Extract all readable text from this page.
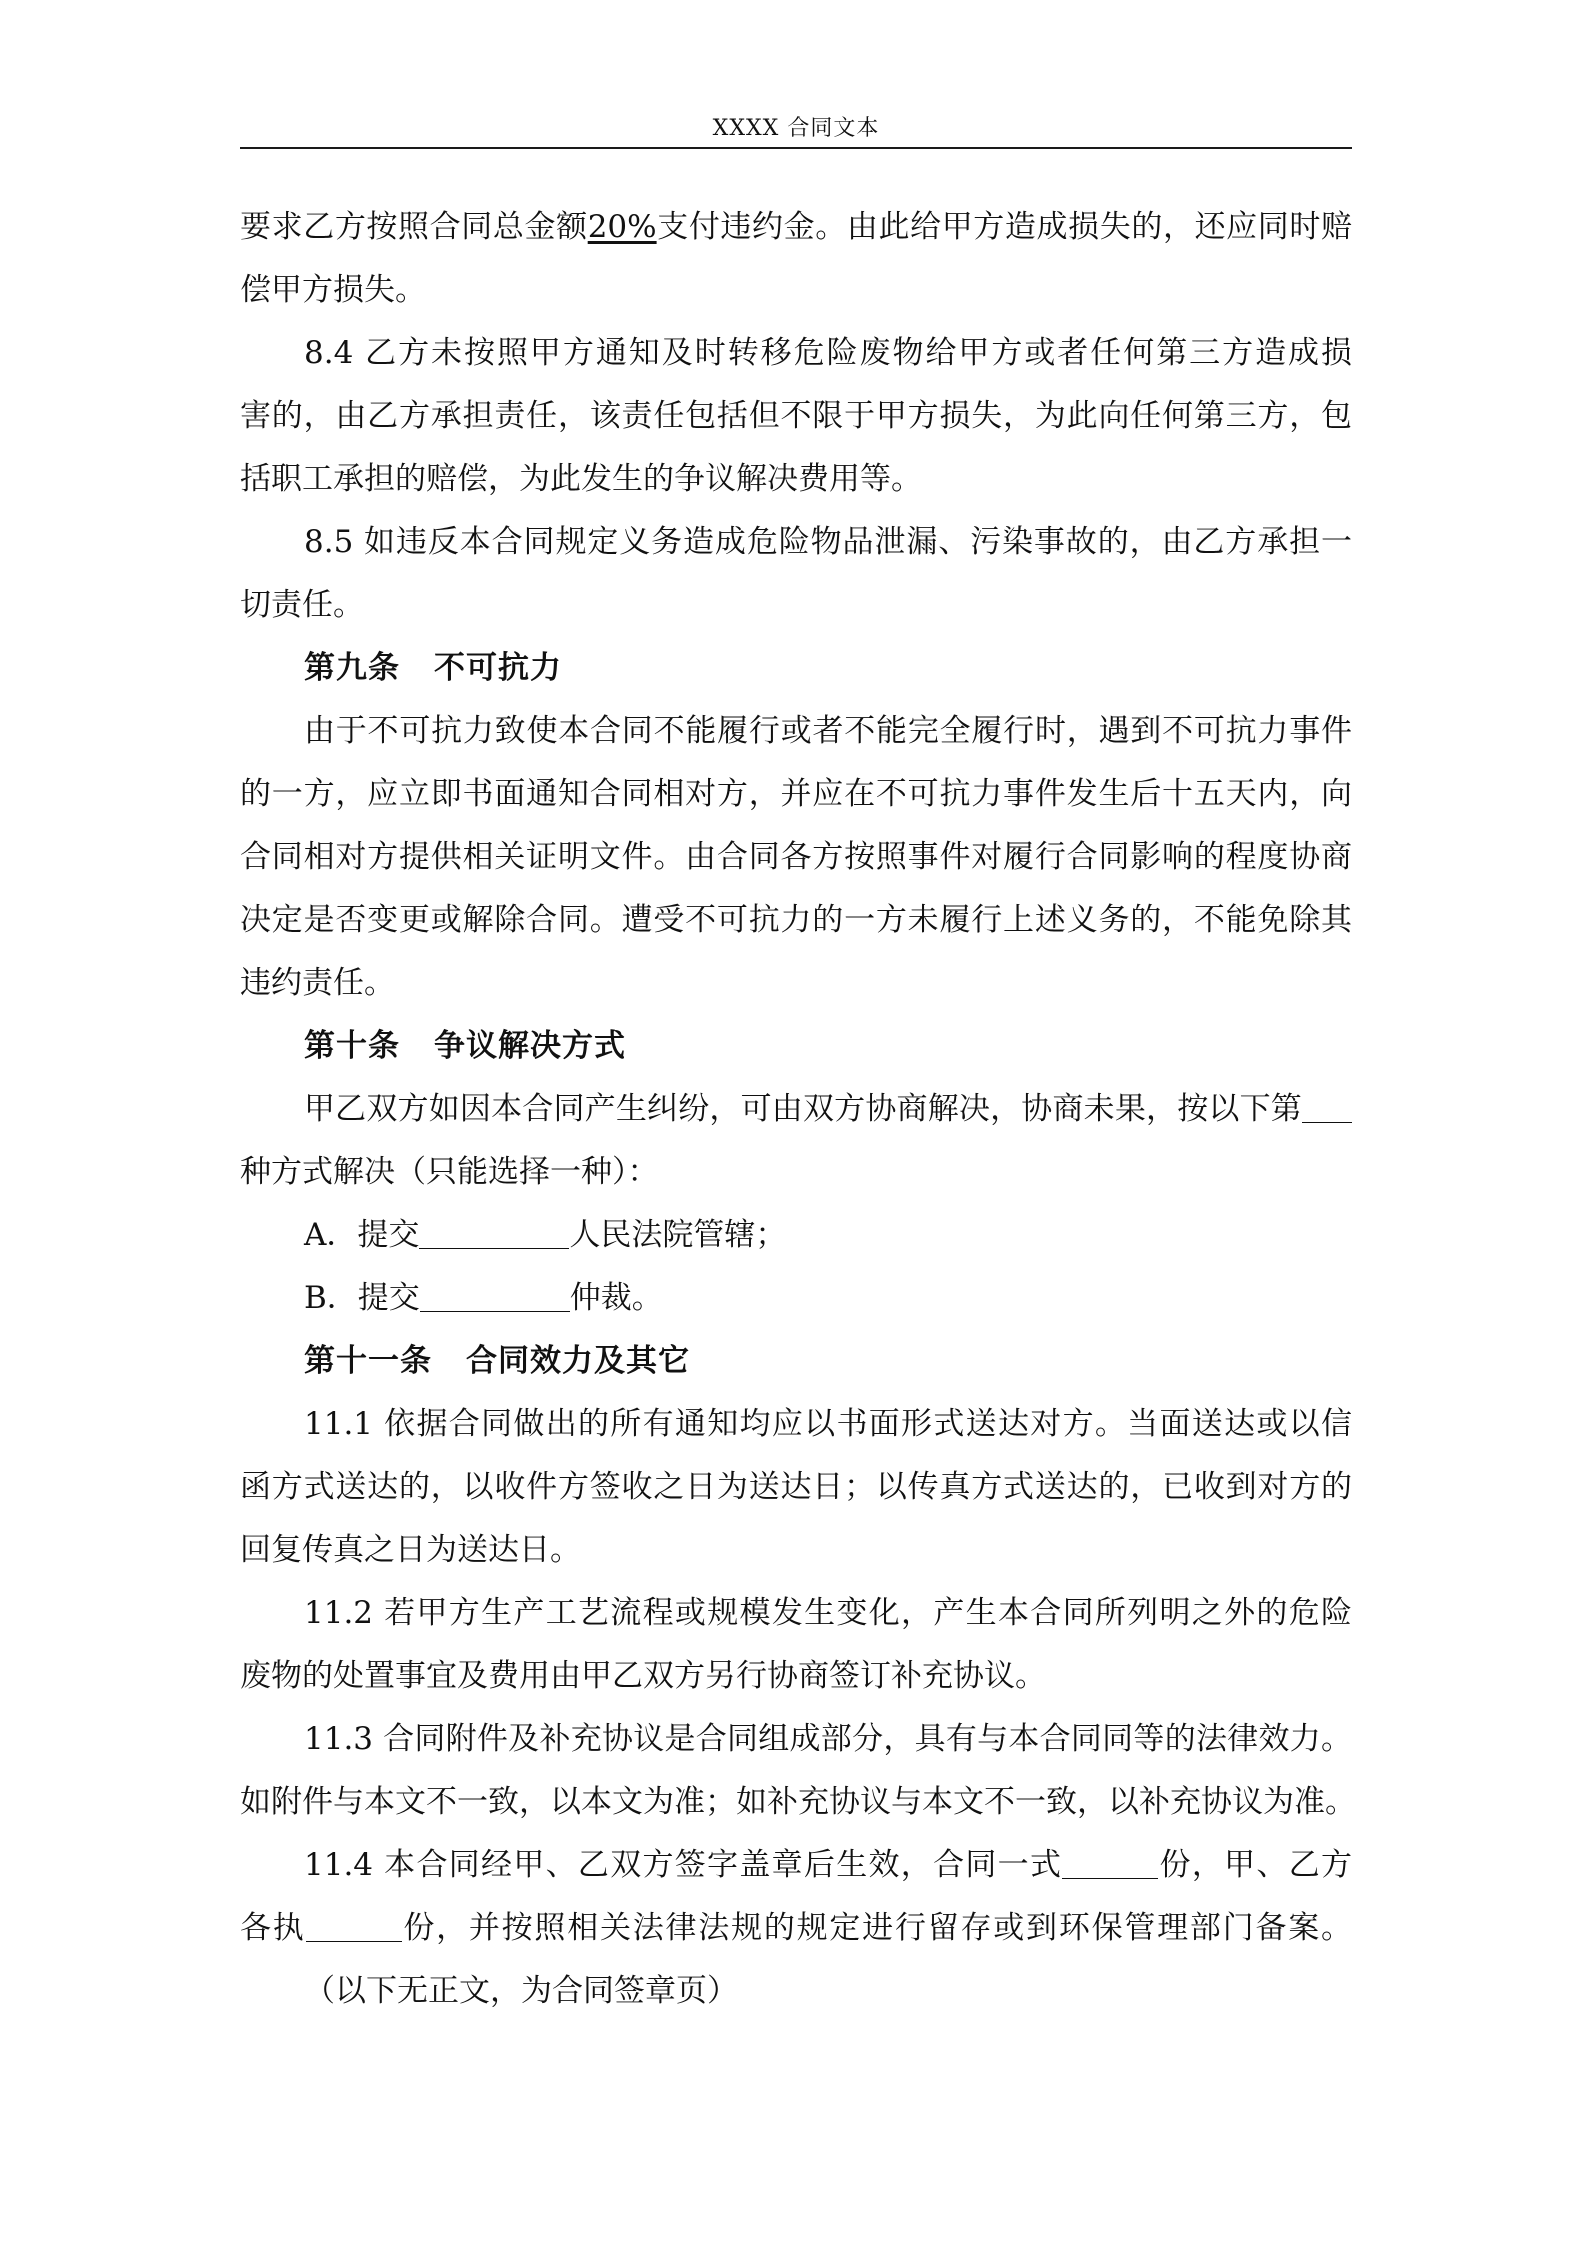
XXXX 合同文本
要求乙方按照合同总金额20%支付违约金。由此给甲方造成损失的，还应同时赔
偿甲方损失。
8.4 乙方未按照甲方通知及时转移危险废物给甲方或者任何第三方造成损
害的，由乙方承担责任，该责任包括但不限于甲方损失，为此向任何第三方，包
括职工承担的赔偿，为此发生的争议解决费用等。
8.5 如违反本合同规定义务造成危险物品泄漏、污染事故的，由乙方承担一
切责任。
第九条 不可抗力
由于不可抗力致使本合同不能履行或者不能完全履行时，遇到不可抗力事件
的一方，应立即书面通知合同相对方，并应在不可抗力事件发生后十五天内，向
合同相对方提供相关证明文件。由合同各方按照事件对履行合同影响的程度协商
决定是否变更或解除合同。遭受不可抗力的一方未履行上述义务的，不能免除其
违约责任。
第十条 争议解决方式
甲乙双方如因本合同产生纠纷，可由双方协商解决，协商未果，按以下第
种方式解决（只能选择一种）：
A．提交	人民法院管辖；
B．提交	仲裁。
第十一条 合同效力及其它
11.1 依据合同做出的所有通知均应以书面形式送达对方。当面送达或以信
函方式送达的，以收件方签收之日为送达日；以传真方式送达的，已收到对方的
回复传真之日为送达日。
11.2 若甲方生产工艺流程或规模发生变化，产生本合同所列明之外的危险
废物的处置事宜及费用由甲乙双方另行协商签订补充协议。
11.3 合同附件及补充协议是合同组成部分，具有与本合同同等的法律效力。
如附件与本文不一致，以本文为准；如补充协议与本文不一致，以补充协议为准。
11.4 本合同经甲、乙双方签字盖章后生效，合同一式	份，甲、乙方
各执	份，并按照相关法律法规的规定进行留存或到环保管理部门备案。
（以下无正文，为合同签章页）
